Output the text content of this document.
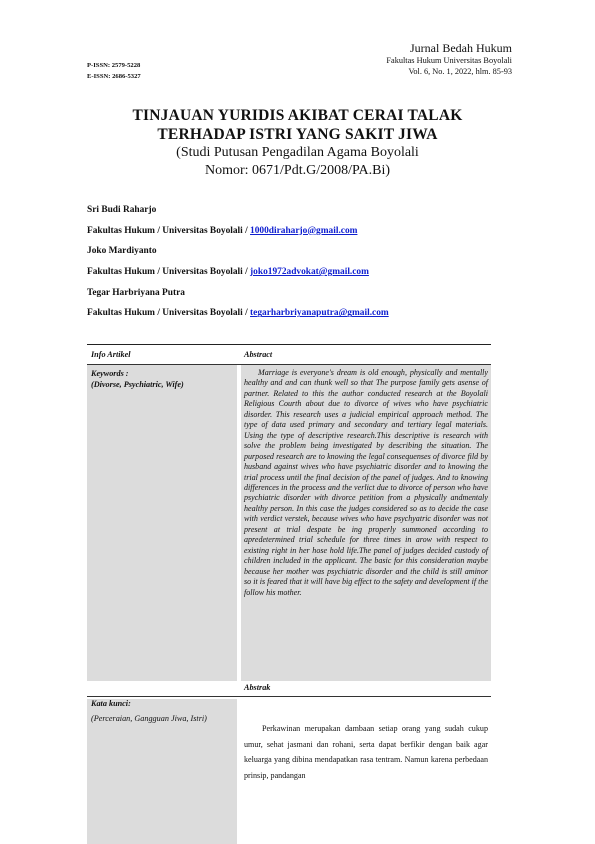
P-ISSN: 2579-5228
E-ISSN: 2686-5327
Jurnal Bedah Hukum
Fakultas Hukum Universitas Boyolali
Vol. 6, No. 1, 2022, hlm. 85-93
TINJAUAN YURIDIS AKIBAT CERAI TALAK
TERHADAP ISTRI YANG SAKIT JIWA
(Studi Putusan Pengadilan Agama Boyolali
Nomor: 0671/Pdt.G/2008/PA.Bi)
Sri Budi Raharjo
Fakultas Hukum / Universitas Boyolali / 1000diraharjo@gmail.com
Joko Mardiyanto
Fakultas Hukum / Universitas Boyolali / joko1972advokat@gmail.com
Tegar Harbriyana Putra
Fakultas Hukum / Universitas Boyolali / tegarharbriyanaputra@gmail.com
Info Artikel	Abstract
Keywords :
(Divorse, Psychiatric, Wife)
Marriage is everyone's dream is old enough, physically and mentally healthy and and can thunk well so that The purpose family gets asense of partner. Related to this the author conducted research at the Boyolali Religious Courth about due to divorce of wives who have psychiatric disorder. This research uses a judicial empirical approach method. The type of data used primary and secondary and tertiary legal materials. Using the type of descriptive research.This descriptive is research with solve the problem being investigated by describing the situation. The purposed research are to knowing the legal consequenses of divorce fild by husband against wives who have psychiatric disorder and to knowing the trial process until the final decision of the panel of judges. And to knowing differences in the process and the verlict due to divorce of person who have psychiatric disorder with divorce petition from a physically andmentaly healthy person. In this case the judges considered so as to decide the case with verdict verstek, because wives who have psychyatric disorder was not present at trial despate be ing properly summoned according to apredetermined trial schedule for three times in arow with respect to existing right in her hose hold life.The panel of judges decided custody of children included in the applicant. The basic for this consideration maybe because her mother was psychiatric disorder and the child is still aminor so it is feared that it will have big effect to the safety and development if the follow his mother.
Abstrak
Kata kunci:
(Perceraian, Gangguan Jiwa, Istri)
Perkawinan merupakan dambaan setiap orang yang sudah cukup umur, sehat jasmani dan rohani, serta dapat berfikir dengan baik agar keluarga yang dibina mendapatkan rasa tentram. Namun karena perbedaan prinsip, pandangan
